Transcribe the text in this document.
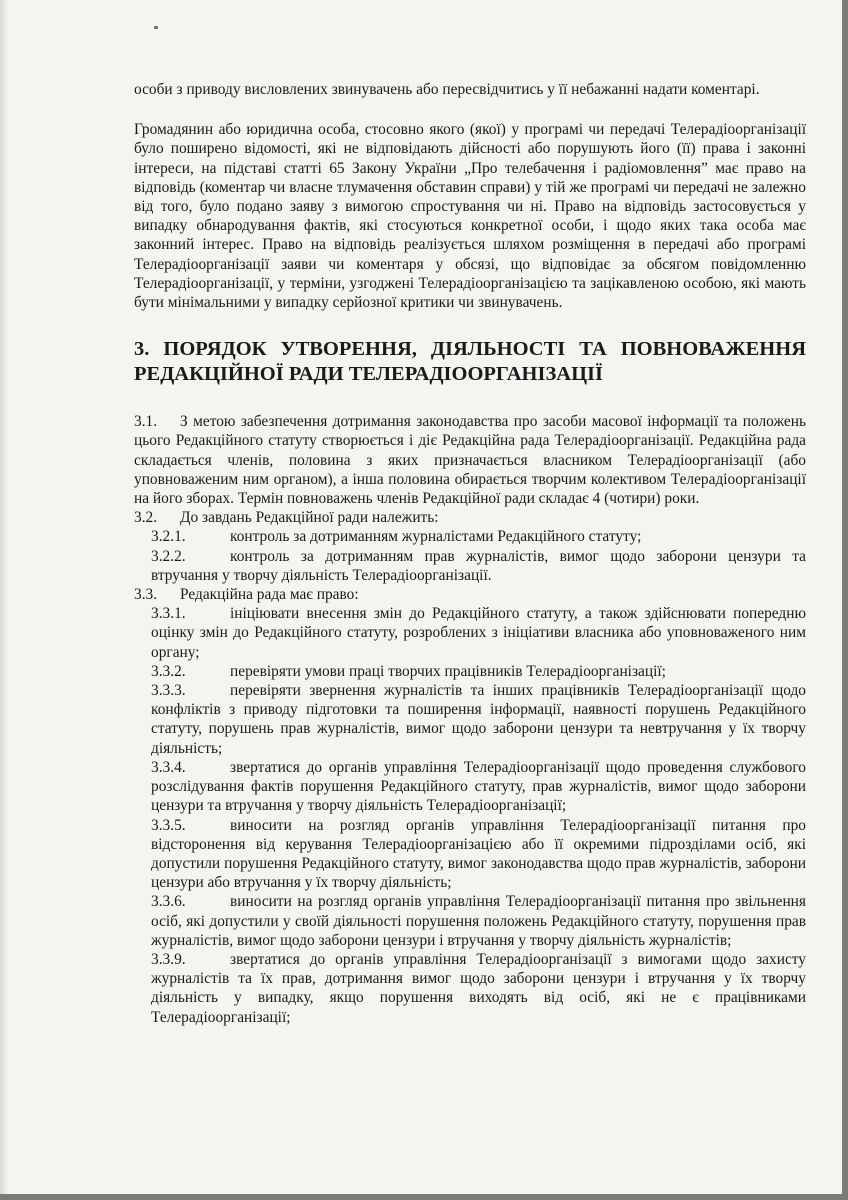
особи з приводу висловлених звинувачень або пересвідчитись у її небажанні надати коментарі.

Громадянин або юридична особа, стосовно якого (якої) у програмі чи передачі Телерадіоорганізації було поширено відомості, які не відповідають дійсності або порушують його (її) права і законні інтереси, на підставі статті 65 Закону України „Про телебачення і радіомовлення” має право на відповідь (коментар чи власне тлумачення обставин справи) у тій же програмі чи передачі не залежно від того, було подано заяву з вимогою спростування чи ні. Право на відповідь застосовується у випадку обнародування фактів, які стосуються конкретної особи, і щодо яких така особа має законний інтерес. Право на відповідь реалізується шляхом розміщення в передачі або програмі Телерадіоорганізації заяви чи коментаря у обсязі, що відповідає за обсягом повідомленню Телерадіоорганізації, у терміни, узгоджені Телерадіоорганізацією та зацікавленою особою, які мають бути мінімальними у випадку серйозної критики чи звинувачень.

3. ПОРЯДОК УТВОРЕННЯ, ДІЯЛЬНОСТІ ТА ПОВНОВАЖЕННЯ РЕДАКЦІЙНОЇ РАДИ ТЕЛЕРАДІООРГАНІЗАЦІЇ

3.1. З метою забезпечення дотримання законодавства про засоби масової інформації та положень цього Редакційного статуту створюється і діє Редакційна рада Телерадіоорганізації. Редакційна рада складається членів, половина з яких призначається власником Телерадіоорганізації (або уповноваженим ним органом), а інша половина обирається творчим колективом Телерадіоорганізації на його зборах. Термін повноважень членів Редакційної ради складає 4 (чотири) роки.

3.2. До завдань Редакційної ради належить:

3.2.1.	контроль за дотриманням журналістами Редакційного статуту;

3.2.2.	контроль за дотриманням прав журналістів, вимог щодо заборони цензури та втручання у творчу діяльність Телерадіоорганізації.

3.3. Редакційна рада має право:

3.3.1.	ініціювати внесення змін до Редакційного статуту, а також здійснювати попередню оцінку змін до Редакційного статуту, розроблених з ініціативи власника або уповноваженого ним органу;

3.3.2.	перевіряти умови праці творчих працівників Телерадіоорганізації;

3.3.3.	перевіряти звернення журналістів та інших працівників Телерадіоорганізації щодо конфліктів з приводу підготовки та поширення інформації, наявності порушень Редакційного статуту, порушень прав журналістів, вимог щодо заборони цензури та невтручання у їх творчу діяльність;

3.3.4.	звертатися до органів управління Телерадіоорганізації щодо проведення службового розслідування фактів порушення Редакційного статуту, прав журналістів, вимог щодо заборони цензури та втручання у творчу діяльність Телерадіоорганізації;

3.3.5.	виносити на розгляд органів управління Телерадіоорганізації питання про відсторонення від керування Телерадіоорганізацією або її окремими підрозділами осіб, які допустили порушення Редакційного статуту, вимог законодавства щодо прав журналістів, заборони цензури або втручання у їх творчу діяльність;

3.3.6.	виносити на розгляд органів управління Телерадіоорганізації питання про звільнення осіб, які допустили у своїй діяльності порушення положень Редакційного статуту, порушення прав журналістів, вимог щодо заборони цензури і втручання у творчу діяльність журналістів;

3.3.9.	звертатися до органів управління Телерадіоорганізації з вимогами щодо захисту журналістів та їх прав, дотримання вимог щодо заборони цензури і втручання у їх творчу діяльність у випадку, якщо порушення виходять від осіб, які не є працівниками Телерадіоорганізації;
